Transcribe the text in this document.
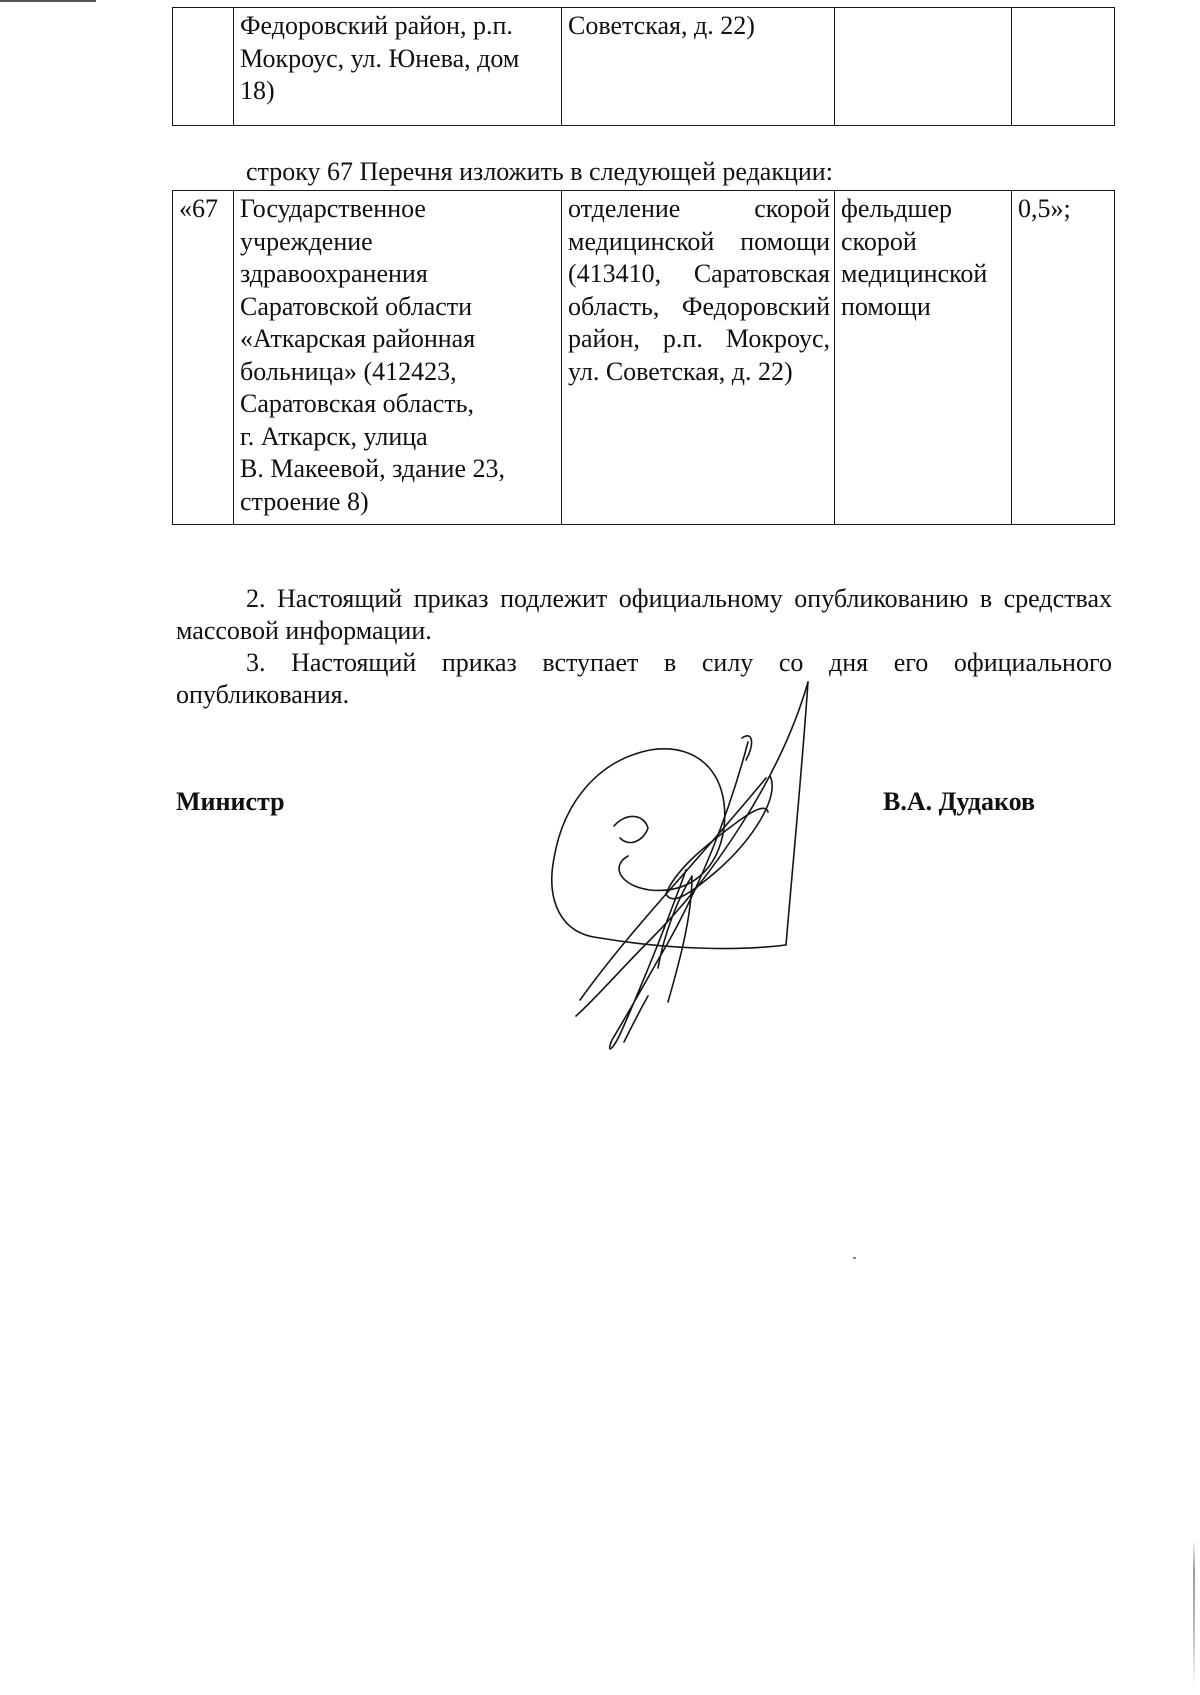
	Федоровский район, р.п.
Мокроус, ул. Юнева, дом
18)	Советская, д. 22)		
строку 67 Перечня изложить в следующей редакции:
«67	Государственное
учреждение
здравоохранения
Саратовской области
«Аткарская районная
больница» (412423,
Саратовская область,
г. Аткарск, улица
В. Макеевой, здание 23,
строение 8)	отделение скорой медицинской помощи (413410, Саратовская область, Федоровский район, р.п. Мокроус, ул. Советская, д. 22)	фельдшер
скорой
медицинской
помощи	0,5»;

2. Настоящий приказ подлежит официальному опубликованию в средствах массовой информации.

3. Настоящий приказ вступает в силу со дня его официального опубликования.

Министр	В.А. Дудаков
